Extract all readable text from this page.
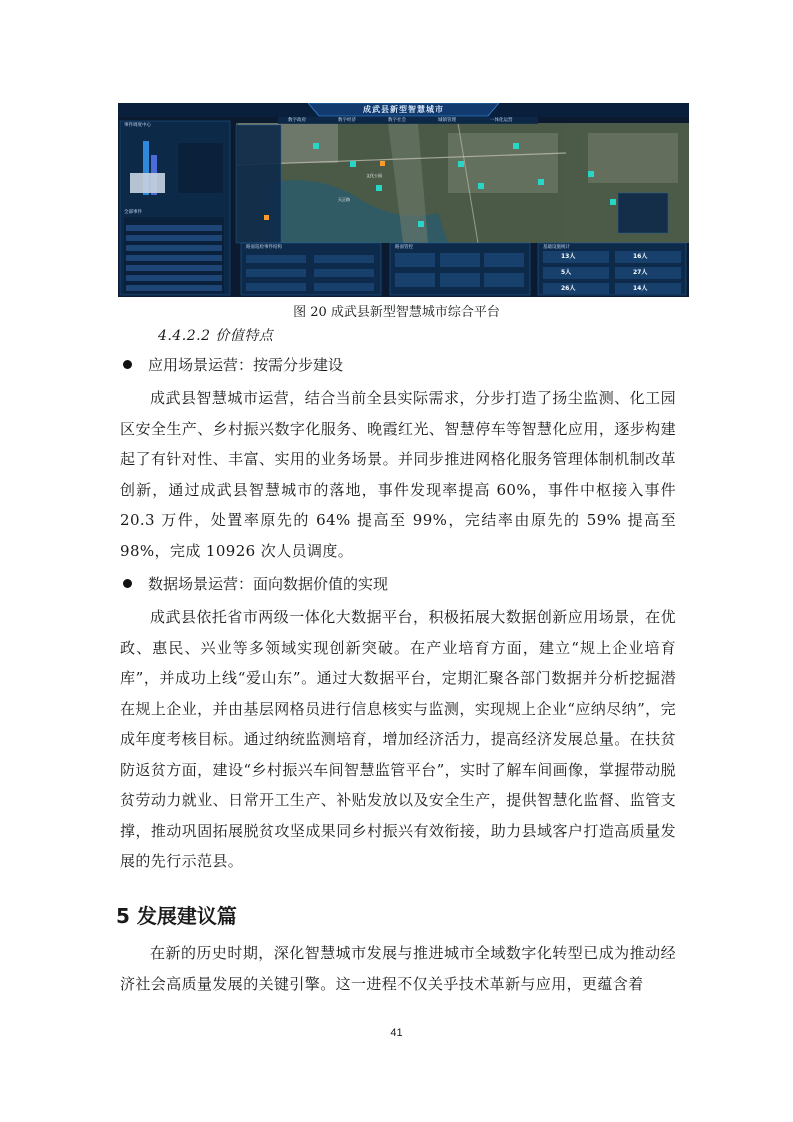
成武县新型智慧城市
数字政府	数字经济	数字社会	城镇管理	一体化运营
事件调度中心
全部事件
路面巡检事件结构	路面管控	基础设施统计
文化公园
天正路
13人	16人
5人	27人
26人	14人
图 20 成武县新型智慧城市综合平台
4.4.2.2 价值特点
应用场景运营：按需分步建设
成武县智慧城市运营，结合当前全县实际需求，分步打造了扬尘监测、化工园区安全生产、乡村振兴数字化服务、晚霞红光、智慧停车等智慧化应用，逐步构建起了有针对性、丰富、实用的业务场景。并同步推进网格化服务管理体制机制改革创新，通过成武县智慧城市的落地，事件发现率提高 60%，事件中枢接入事件 20.3 万件，处置率原先的 64% 提高至 99%，完结率由原先的 59% 提高至 98%，完成 10926 次人员调度。
数据场景运营：面向数据价值的实现
成武县依托省市两级一体化大数据平台，积极拓展大数据创新应用场景，在优政、惠民、兴业等多领域实现创新突破。在产业培育方面，建立“规上企业培育库”，并成功上线“爱山东”。通过大数据平台，定期汇聚各部门数据并分析挖掘潜在规上企业，并由基层网格员进行信息核实与监测，实现规上企业“应纳尽纳”，完成年度考核目标。通过纳统监测培育，增加经济活力，提高经济发展总量。在扶贫防返贫方面，建设“乡村振兴车间智慧监管平台”，实时了解车间画像，掌握带动脱贫劳动力就业、日常开工生产、补贴发放以及安全生产，提供智慧化监督、监管支撑，推动巩固拓展脱贫攻坚成果同乡村振兴有效衔接，助力县域客户打造高质量发展的先行示范县。
5 发展建议篇
在新的历史时期，深化智慧城市发展与推进城市全域数字化转型已成为推动经济社会高质量发展的关键引擎。这一进程不仅关乎技术革新与应用，更蕴含着
41
